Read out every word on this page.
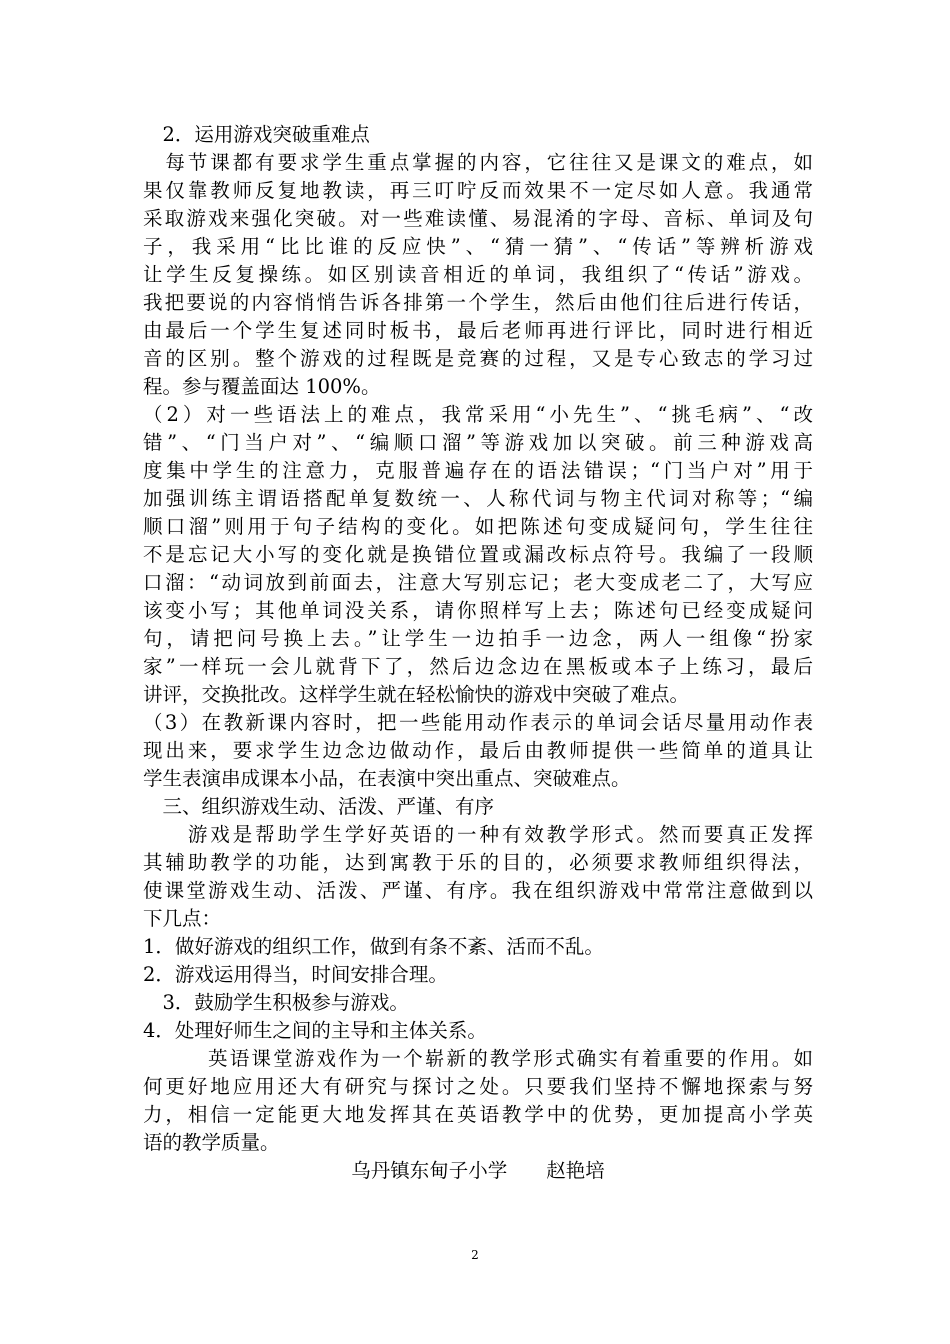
　2．运用游戏突破重难点
　每节课都有要求学生重点掌握的内容，它往往又是课文的难点，如
果仅靠教师反复地教读，再三叮咛反而效果不一定尽如人意。我通常
采取游戏来强化突破。对一些难读懂、易混淆的字母、音标、单词及句
子，我采用“比比谁的反应快”、“猜一猜”、“传话”等辨析游戏
让学生反复操练。如区别读音相近的单词，我组织了“传话”游戏。
我把要说的内容悄悄告诉各排第一个学生，然后由他们往后进行传话，
由最后一个学生复述同时板书，最后老师再进行评比，同时进行相近
音的区别。整个游戏的过程既是竞赛的过程，又是专心致志的学习过
程。参与覆盖面达 100%。
（2）对一些语法上的难点，我常采用“小先生”、“挑毛病”、“改
错”、“门当户对”、“编顺口溜”等游戏加以突破。前三种游戏高
度集中学生的注意力，克服普遍存在的语法错误；“门当户对”用于
加强训练主谓语搭配单复数统一、人称代词与物主代词对称等；“编
顺口溜”则用于句子结构的变化。如把陈述句变成疑问句，学生往往
不是忘记大小写的变化就是换错位置或漏改标点符号。我编了一段顺
口溜：“动词放到前面去，注意大写别忘记；老大变成老二了，大写应
该变小写；其他单词没关系，请你照样写上去；陈述句已经变成疑问
句，请把问号换上去。”让学生一边拍手一边念，两人一组像“扮家
家”一样玩一会儿就背下了，然后边念边在黑板或本子上练习，最后
讲评，交换批改。这样学生就在轻松愉快的游戏中突破了难点。
（3）在教新课内容时，把一些能用动作表示的单词会话尽量用动作表
现出来，要求学生边念边做动作，最后由教师提供一些简单的道具让
学生表演串成课本小品，在表演中突出重点、突破难点。
　三、组织游戏生动、活泼、严谨、有序
　　游戏是帮助学生学好英语的一种有效教学形式。然而要真正发挥
其辅助教学的功能，达到寓教于乐的目的，必须要求教师组织得法，
使课堂游戏生动、活泼、严谨、有序。我在组织游戏中常常注意做到以
下几点：
1．做好游戏的组织工作，做到有条不紊、活而不乱。
2．游戏运用得当，时间安排合理。
　3．鼓励学生积极参与游戏。
4．处理好师生之间的主导和主体关系。
　　　英语课堂游戏作为一个崭新的教学形式确实有着重要的作用。如
何更好地应用还大有研究与探讨之处。只要我们坚持不懈地探索与努
力，相信一定能更大地发挥其在英语教学中的优势，更加提高小学英
语的教学质量。
乌丹镇东甸子小学　　赵艳培
2
